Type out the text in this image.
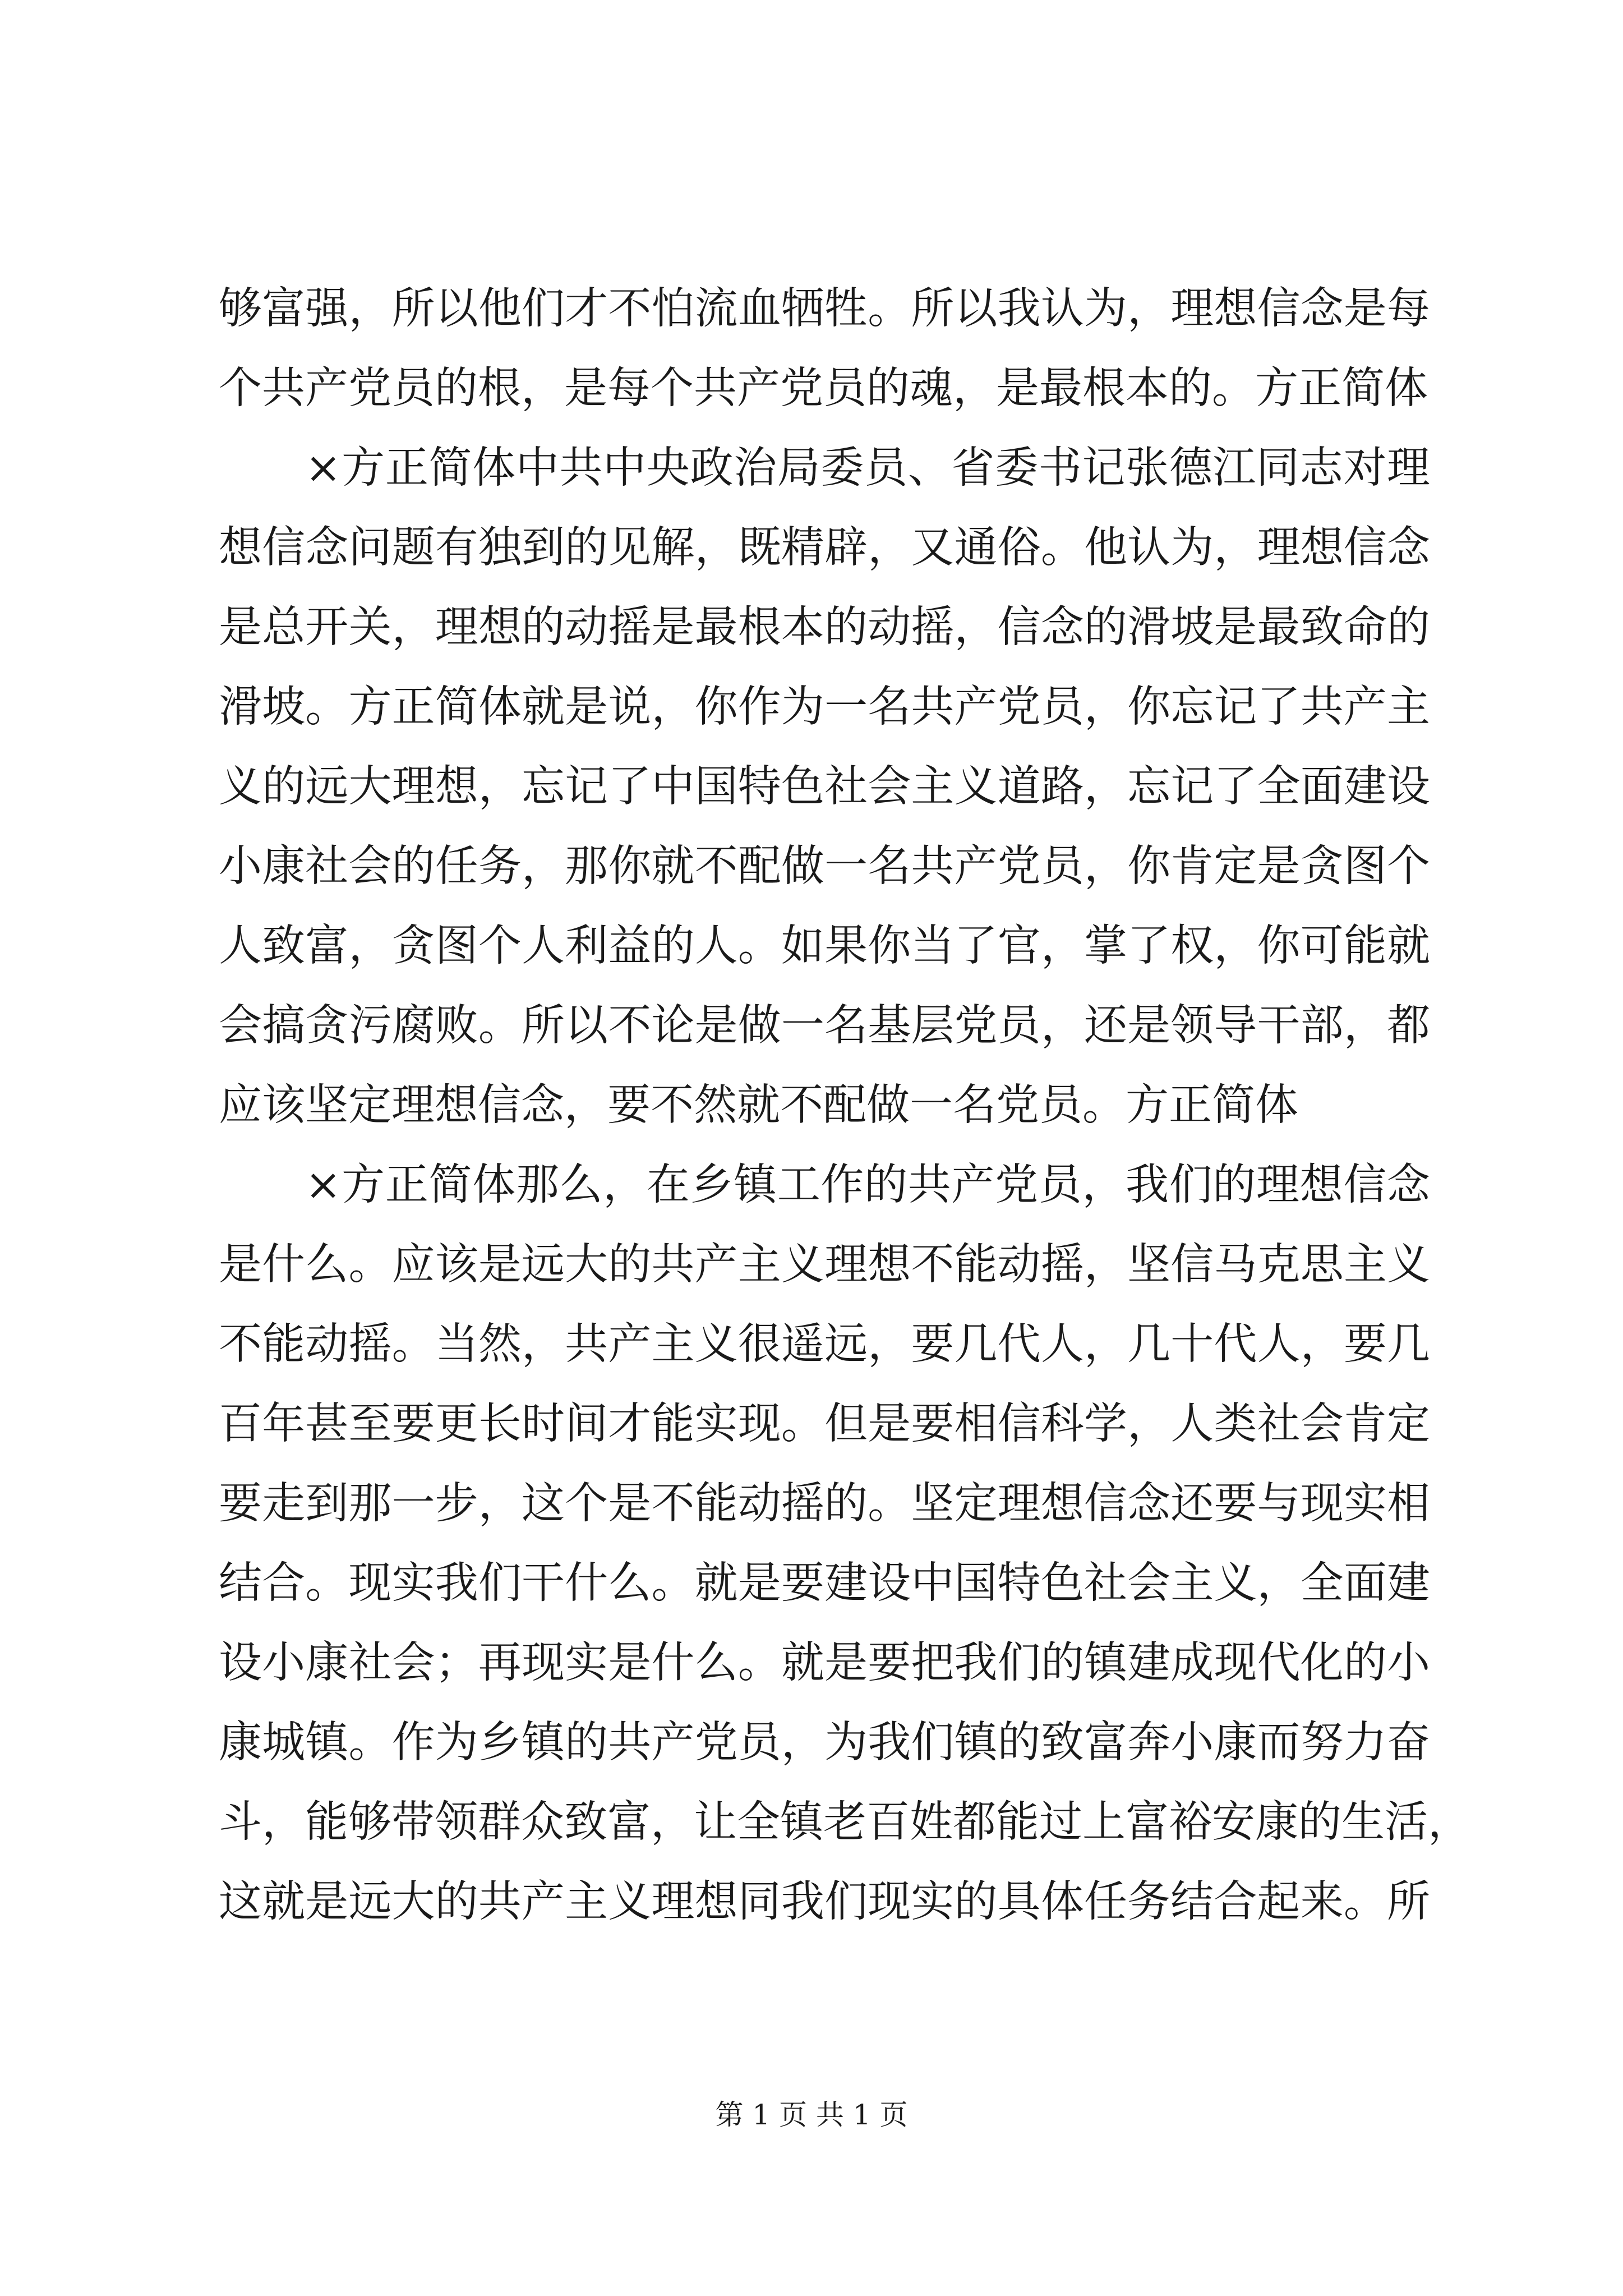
够富强，所以他们才不怕流血牺牲。所以我认为，理想信念是每
个共产党员的根，是每个共产党员的魂，是最根本的。方正简体
×方正简体中共中央政治局委员、省委书记张德江同志对理
想信念问题有独到的见解，既精辟，又通俗。他认为，理想信念
是总开关，理想的动摇是最根本的动摇，信念的滑坡是最致命的
滑坡。方正简体就是说，你作为一名共产党员，你忘记了共产主
义的远大理想，忘记了中国特色社会主义道路，忘记了全面建设
小康社会的任务，那你就不配做一名共产党员，你肯定是贪图个
人致富，贪图个人利益的人。如果你当了官，掌了权，你可能就
会搞贪污腐败。所以不论是做一名基层党员，还是领导干部，都
应该坚定理想信念，要不然就不配做一名党员。方正简体
×方正简体那么，在乡镇工作的共产党员，我们的理想信念
是什么。应该是远大的共产主义理想不能动摇，坚信马克思主义
不能动摇。当然，共产主义很遥远，要几代人，几十代人，要几
百年甚至要更长时间才能实现。但是要相信科学，人类社会肯定
要走到那一步，这个是不能动摇的。坚定理想信念还要与现实相
结合。现实我们干什么。就是要建设中国特色社会主义，全面建
设小康社会；再现实是什么。就是要把我们的镇建成现代化的小
康城镇。作为乡镇的共产党员，为我们镇的致富奔小康而努力奋
斗，能够带领群众致富，让全镇老百姓都能过上富裕安康的生活，
这就是远大的共产主义理想同我们现实的具体任务结合起来。所
第 1 页 共 1 页
